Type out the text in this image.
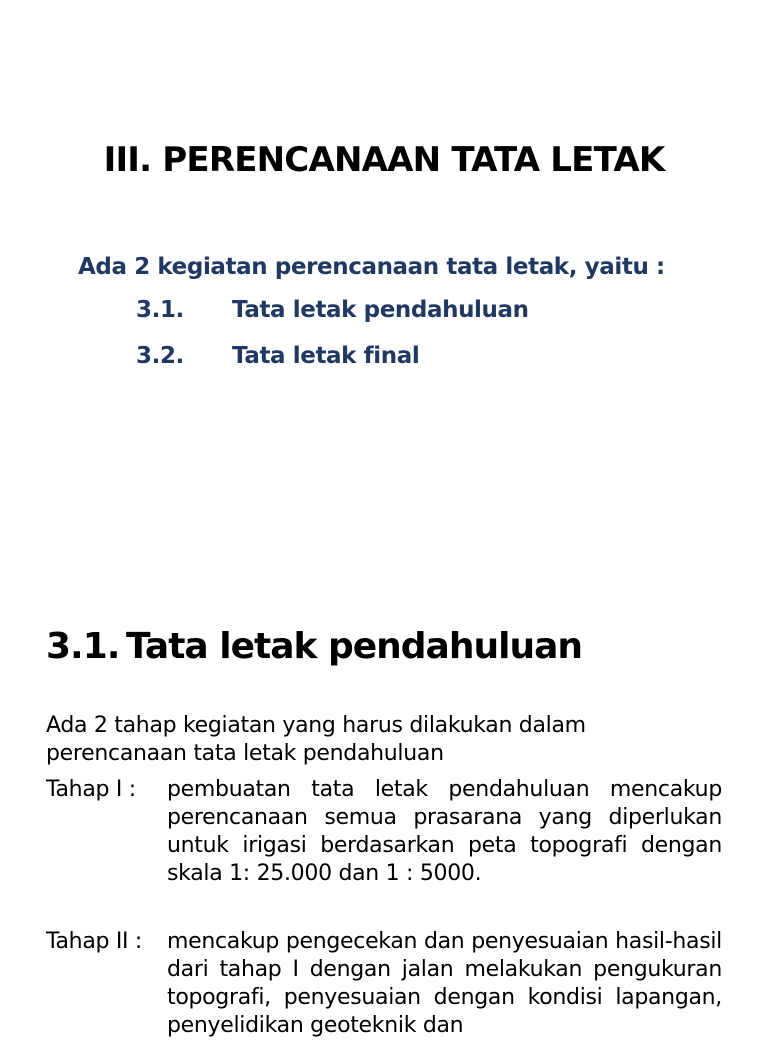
III. PERENCANAAN TATA LETAK

Ada 2 kegiatan perencanaan tata letak, yaitu :

3.1. Tata letak pendahuluan
3.2. Tata letak final
3.1. Tata letak pendahuluan

Ada 2 tahap kegiatan yang harus dilakukan dalam perencanaan tata letak pendahuluan

Tahap I : pembuatan tata letak pendahuluan mencakup perencanaan semua prasarana yang diperlukan untuk irigasi berdasarkan peta topografi dengan skala 1: 25.000 dan 1 : 5000.
Tahap II : mencakup pengecekan dan penyesuaian hasil-hasil dari tahap I dengan jalan melakukan pengukuran topografi, penyesuaian dengan kondisi lapangan, penyelidikan geoteknik dan
